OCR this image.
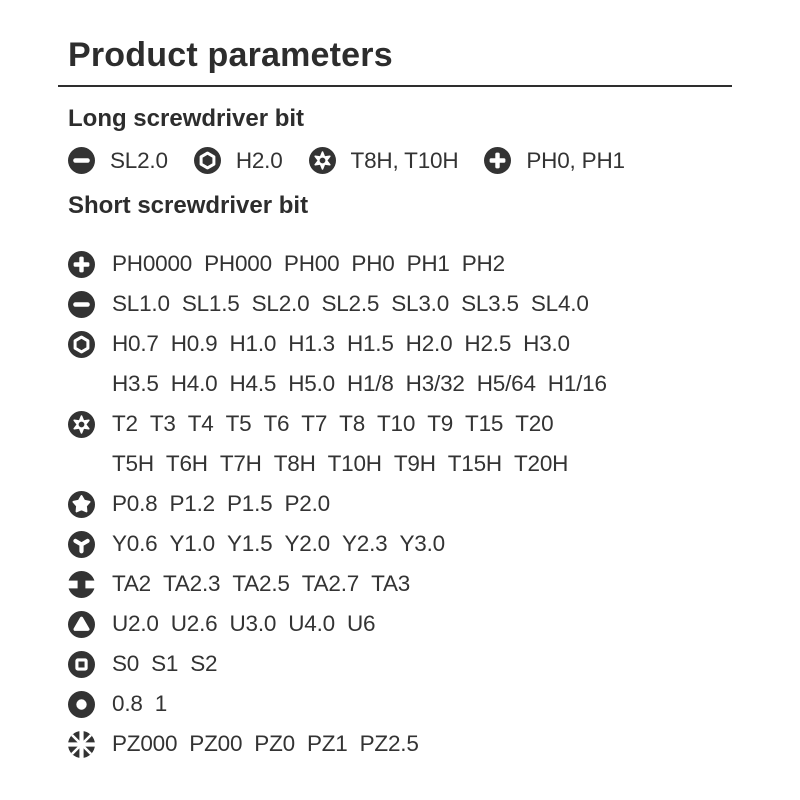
Product parameters
Long screwdriver bit
SL2.0	H2.0	T8H, T10H	PH0, PH1
Short screwdriver bit
PH0000 PH000 PH00 PH0 PH1 PH2
SL1.0 SL1.5 SL2.0 SL2.5 SL3.0 SL3.5 SL4.0
H0.7 H0.9 H1.0 H1.3 H1.5 H2.0 H2.5 H3.0
H3.5 H4.0 H4.5 H5.0 H1/8 H3/32 H5/64 H1/16
T2 T3 T4 T5 T6 T7 T8 T10 T9 T15 T20
T5H T6H T7H T8H T10H T9H T15H T20H
P0.8 P1.2 P1.5 P2.0
Y0.6 Y1.0 Y1.5 Y2.0 Y2.3 Y3.0
TA2 TA2.3 TA2.5 TA2.7 TA3
U2.0 U2.6 U3.0 U4.0 U6
S0 S1 S2
0.8 1
PZ000 PZ00 PZ0 PZ1 PZ2.5
